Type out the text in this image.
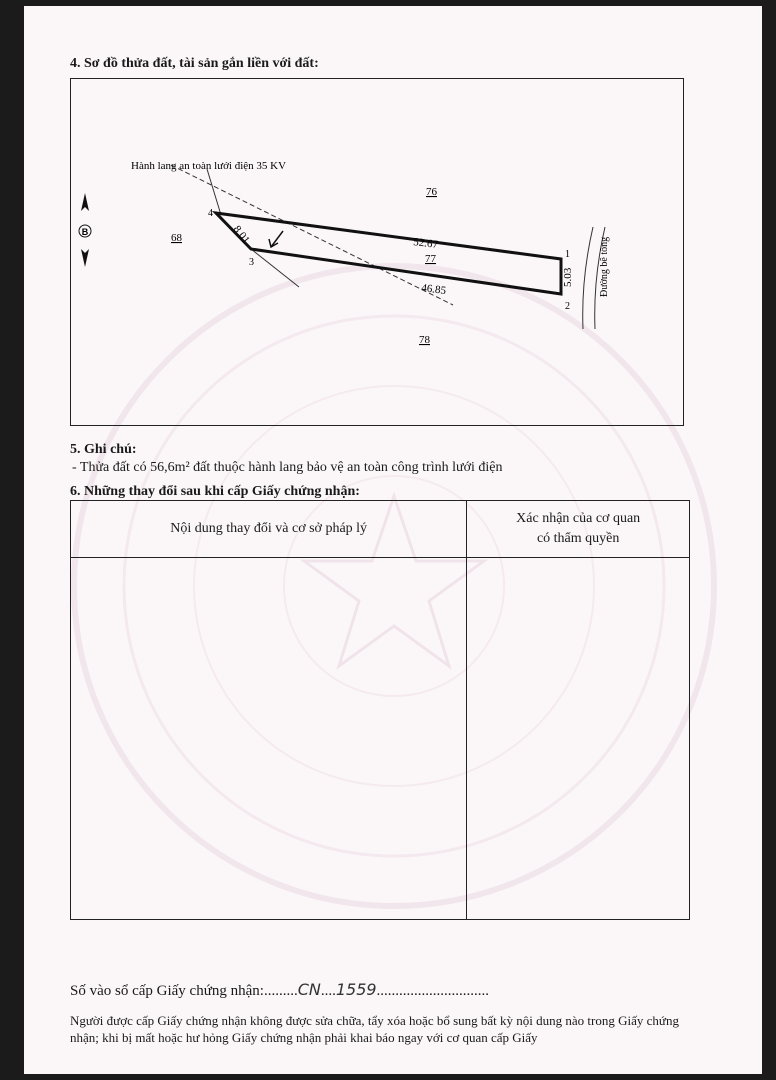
4. Sơ đồ thửa đất, tài sản gắn liền với đất:
B
Hành lang an toàn lưới điện 35 KV
76
68
77
78
52.67
46.85
8.01
5.03	Đường bê tông
4
3
1
2
5. Ghi chú:
- Thửa đất có 56,6m² đất thuộc hành lang bảo vệ an toàn công trình lưới điện
6. Những thay đổi sau khi cấp Giấy chứng nhận:
Nội dung thay đổi và cơ sở pháp lý	Xác nhận của cơ quan
có thẩm quyền

Số vào sổ cấp Giấy chứng nhận:.........CN....1559..............................
Người được cấp Giấy chứng nhận không được sửa chữa, tẩy xóa hoặc bổ sung bất kỳ nội dung nào trong Giấy chứng nhận; khi bị mất hoặc hư hỏng Giấy chứng nhận phải khai báo ngay với cơ quan cấp Giấy
